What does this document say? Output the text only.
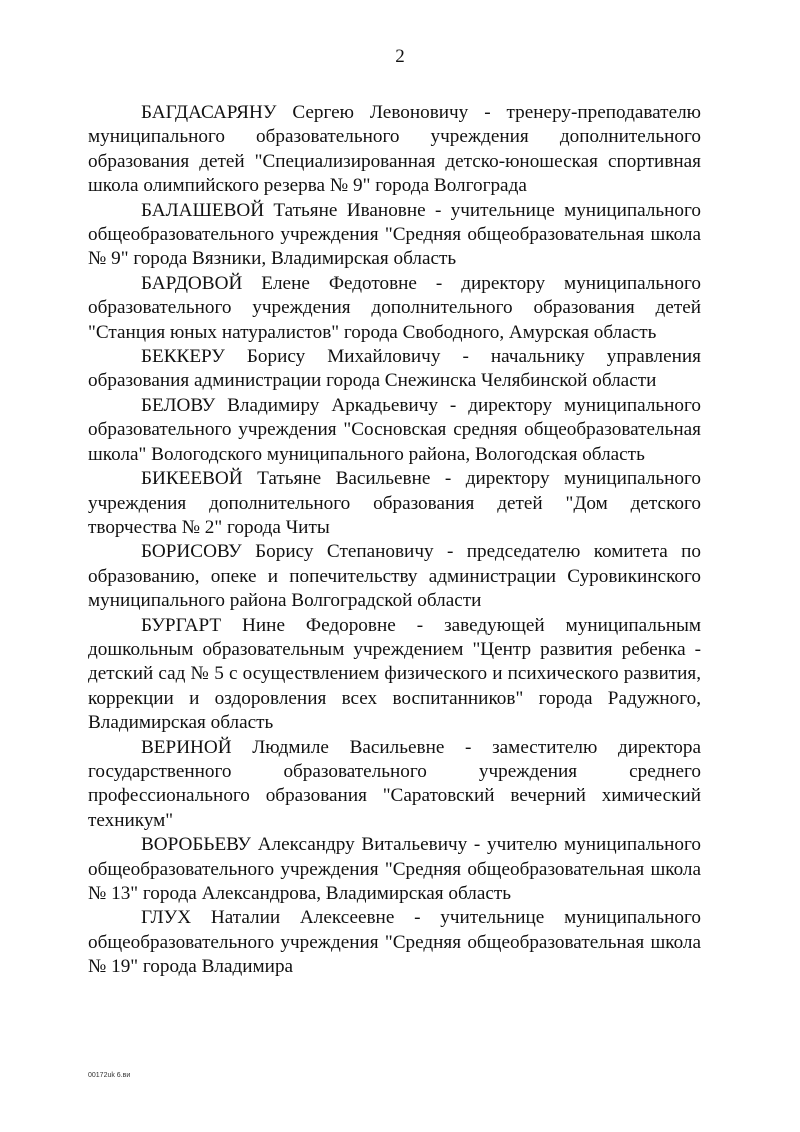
2

БАГДАСАРЯНУ Сергею Левоновичу - тренеру-преподавателю муниципального образовательного учреждения дополнительного образования детей "Специализированная детско-юношеская спортивная школа олимпийского резерва № 9" города Волгограда

БАЛАШЕВОЙ Татьяне Ивановне - учительнице муниципального общеобразовательного учреждения "Средняя общеобразовательная школа № 9" города Вязники, Владимирская область

БАРДОВОЙ Елене Федотовне - директору муниципального образовательного учреждения дополнительного образования детей "Станция юных натуралистов" города Свободного, Амурская область

БЕККЕРУ Борису Михайловичу - начальнику управления образования администрации города Снежинска Челябинской области

БЕЛОВУ Владимиру Аркадьевичу - директору муниципального образовательного учреждения "Сосновская средняя общеобразовательная школа" Вологодского муниципального района, Вологодская область

БИКЕЕВОЙ Татьяне Васильевне - директору муниципального учреждения дополнительного образования детей "Дом детского творчества № 2" города Читы

БОРИСОВУ Борису Степановичу - председателю комитета по образованию, опеке и попечительству администрации Суровикинского муниципального района Волгоградской области

БУРГАРТ Нине Федоровне - заведующей муниципальным дошкольным образовательным учреждением "Центр развития ребенка - детский сад № 5 с осуществлением физического и психического развития, коррекции и оздоровления всех воспитанников" города Радужного, Владимирская область

ВЕРИНОЙ Людмиле Васильевне - заместителю директора государственного образовательного учреждения среднего профессионального образования "Саратовский вечерний химический техникум"

ВОРОБЬЕВУ Александру Витальевичу - учителю муниципального общеобразовательного учреждения "Средняя общеобразовательная школа № 13" города Александрова, Владимирская область

ГЛУХ Наталии Алексеевне - учительнице муниципального общеобразовательного учреждения "Средняя общеобразовательная школа № 19" города Владимира

00172uk 6.ви
